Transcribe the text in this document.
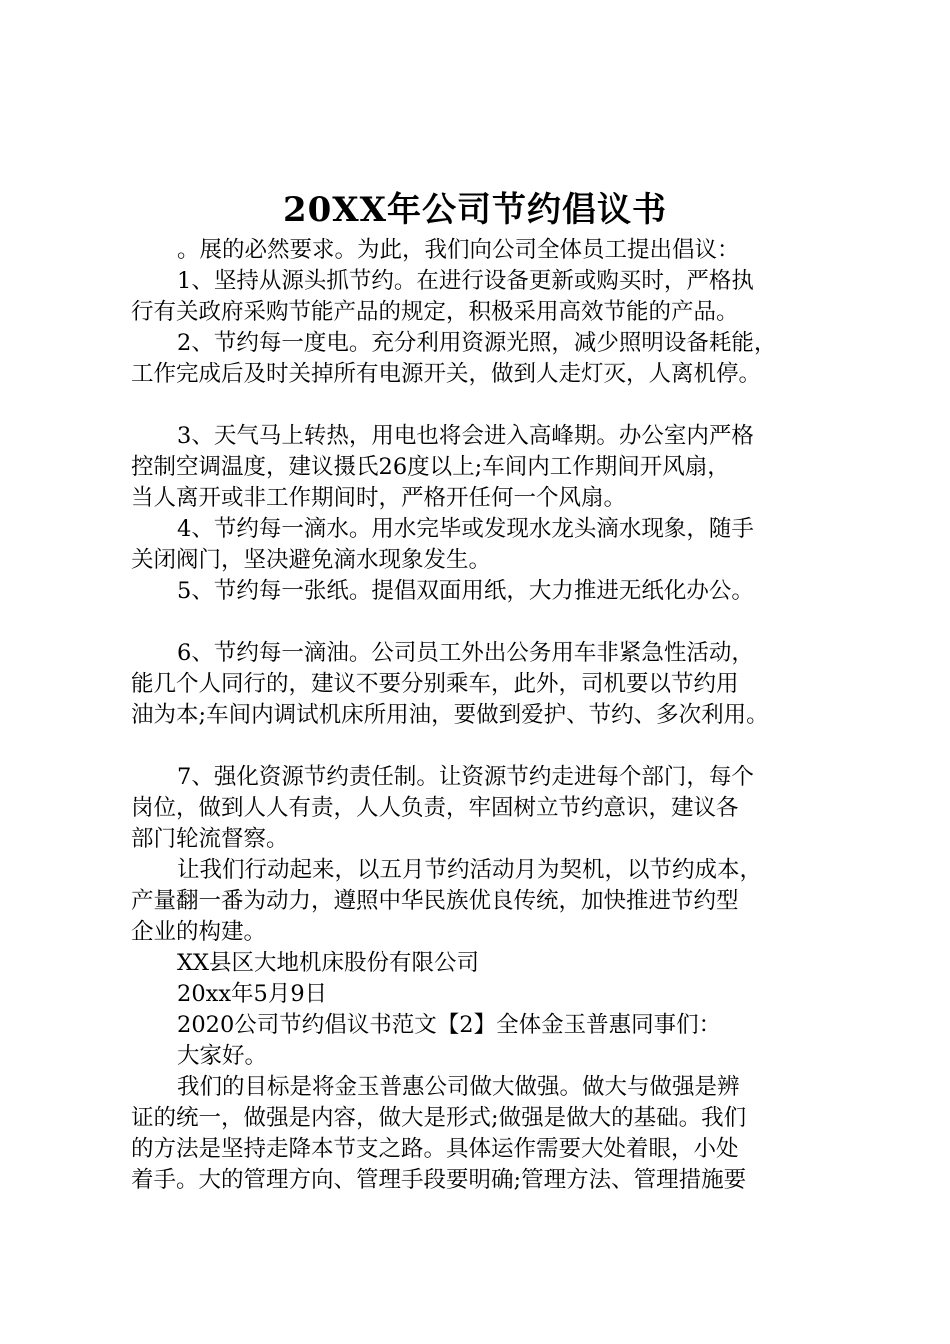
20XX年公司节约倡议书
。展的必然要求。为此，我们向公司全体员工提出倡议：
1、坚持从源头抓节约。在进行设备更新或购买时，严格执
行有关政府采购节能产品的规定，积极采用高效节能的产品。
2、节约每一度电。充分利用资源光照，减少照明设备耗能，
工作完成后及时关掉所有电源开关，做到人走灯灭，人离机停。
3、天气马上转热，用电也将会进入高峰期。办公室内严格
控制空调温度，建议摄氏26度以上;车间内工作期间开风扇，
当人离开或非工作期间时，严格开任何一个风扇。
4、节约每一滴水。用水完毕或发现水龙头滴水现象，随手
关闭阀门，坚决避免滴水现象发生。
5、节约每一张纸。提倡双面用纸，大力推进无纸化办公。
6、节约每一滴油。公司员工外出公务用车非紧急性活动，
能几个人同行的，建议不要分别乘车，此外，司机要以节约用
油为本;车间内调试机床所用油，要做到爱护、节约、多次利用。
7、强化资源节约责任制。让资源节约走进每个部门，每个
岗位，做到人人有责，人人负责，牢固树立节约意识，建议各
部门轮流督察。
让我们行动起来，以五月节约活动月为契机，以节约成本，
产量翻一番为动力，遵照中华民族优良传统，加快推进节约型
企业的构建。
XX县区大地机床股份有限公司
20xx年5月9日
2020公司节约倡议书范文【2】全体金玉普惠同事们：
大家好。
我们的目标是将金玉普惠公司做大做强。做大与做强是辨
证的统一，做强是内容，做大是形式;做强是做大的基础。我们
的方法是坚持走降本节支之路。具体运作需要大处着眼，小处
着手。大的管理方向、管理手段要明确;管理方法、管理措施要
